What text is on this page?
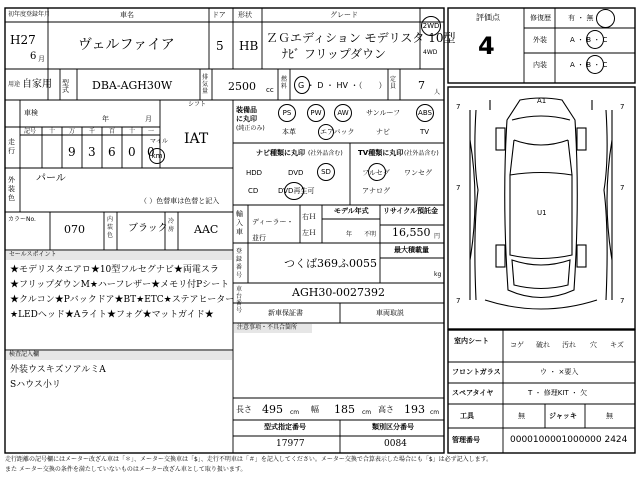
初年度登録年月	車名	ドア 形状	グレード
H27
6 月
ヴェルファイア	5 HB
ＺＧエディション モデリスタ 10型
ﾅﾋﾞ フリップダウン
2WD
4WD
用途 自家用 型式	DBA-AGH30W
排気量 2500 cc
燃料 G ・ D ・ HV ・（　　）
定員 7
人
評価点
4
修復歴 有 ・ 無
外装	A ・ B ・ C
内装	A ・ B ・ C
車検
年	月
シフト
IAT
記号 十 万 千 百 十 一
走行	9 3 6 0 0
マイル
km
外装色
パール
（ ）色替車は色替と記入
カラーNo.
070
内装色
ブラック
冷房 AAC
セールスポイント
★モデリスタエアロ★10型フルセグナビ★両電スラ
★フリップダウンM★ハーフレザー★メモリ付Pシート
★クルコン★Pバックドア★BT★ETC★ステアヒーター
★LEDヘッド★Aライト★フォグ★マットガイド★
検査記入欄
外装ウスキズソアルミA
Sハウス小リ
装備品に丸印
(純正のみ)
PS	PW AW サンルーフ	ABS
本革	エアバック	ナビ	TV
ナビ種類に丸印 (社外品含む)
HDD	DVD	SD
CD	DVD再生可
TV種類に丸印 (社外品含む)
フルセグ ワンセグ
アナログ
輸入車
ディーラー・並行
右Ｈ
左Ｈ
モデル年式
年 不明
リサイクル預託金
16,550 円
登録番号
つくば369ふ0055
最大積載量
kg
車台番号
AGH30-0027392
新車保証書	車両取説
注意事項・不具合箇所
長さ 495 cm 幅 185 cm 高さ 193 cm
型式指定番号
17977
類別区分番号
0084
A1
U1
7	7
7	7
7	7
室内シート	コゲ 破れ 汚れ 穴 キズ
フロントガラス	ウ ・ ×要入
スペアタイヤ	T ・ 修理KIT ・ 欠
工具	無	ジャッキ	無
管理番号	0000100001000000 2424
走行距離の記号欄にはメーター改ざん車は「＊」、メーター交換車は「$」、走行不明車は「＃」を記入してください。メーター交換で合算表示した場合にも「$」は必ず記入します。
また メーター交換の条件を満たしていないものはメーター改ざん車として取り扱います。
